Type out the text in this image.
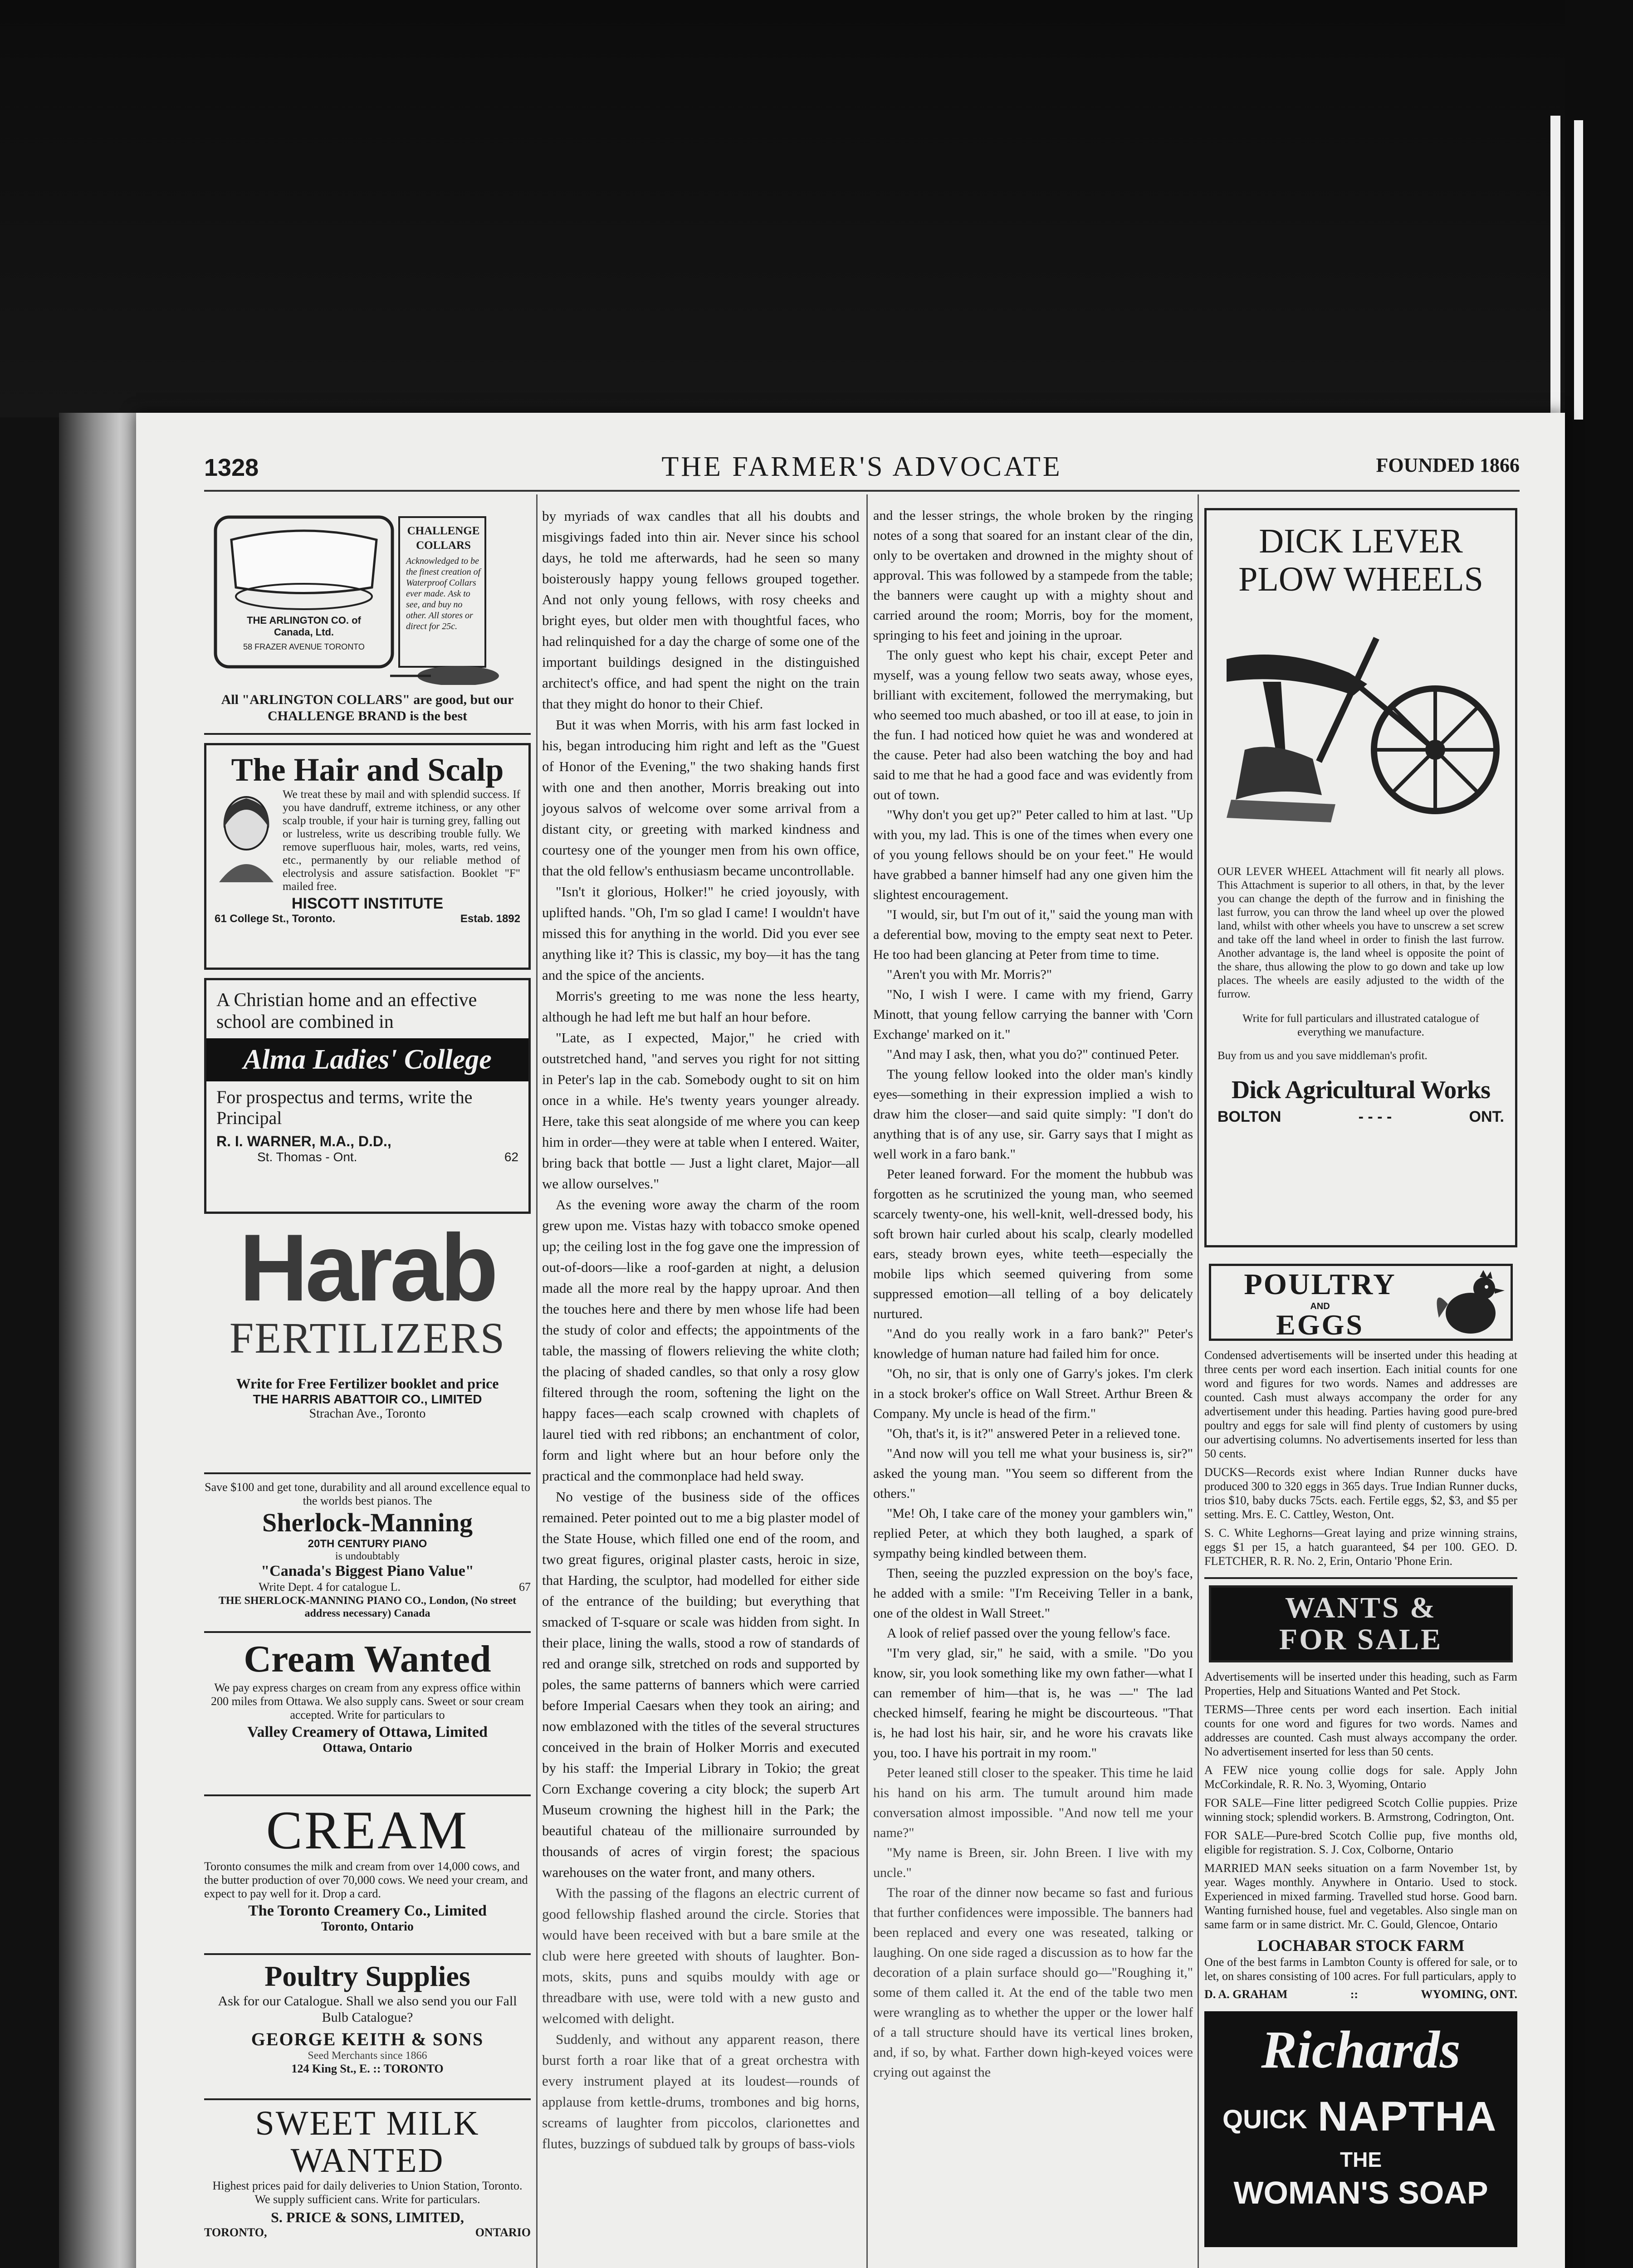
1328	THE FARMER'S ADVOCATE	FOUNDED 1866
CHALLENGE COLLARS
Acknowledged to be the finest creation of Waterproof Collars ever made. Ask to see, and buy no other. All stores or direct for 25c.
THE ARLINGTON CO. of Canada, Ltd.
58 FRAZER AVENUE TORONTO
All "ARLINGTON COLLARS" are good, but our CHALLENGE BRAND is the best
The Hair and Scalp
We treat these by mail and with splendid success. If you have dandruff, extreme itchiness, or any other scalp trouble, if your hair is turning grey, falling out or lustreless, write us describing trouble fully. We remove superfluous hair, moles, warts, red veins, etc., permanently by our reliable method of electrolysis and assure satisfaction. Booklet "F" mailed free.
HISCOTT INSTITUTE
61 College St., Toronto.	Estab. 1892
A Christian home and an effective school are combined in
Alma Ladies' College
For prospectus and terms, write the Principal
R. I. WARNER, M.A., D.D.,
St. Thomas - Ont.	62
Harab
FERTILIZERS
Write for Free Fertilizer booklet and price
THE HARRIS ABATTOIR CO., LIMITED
Strachan Ave., Toronto
Save $100 and get tone, durability and all around excellence equal to the worlds best pianos. The
Sherlock-Manning
20TH CENTURY PIANO
is undoubtably
"Canada's Biggest Piano Value"
Write Dept. 4 for catalogue L.	67
THE SHERLOCK-MANNING PIANO CO., London, (No street address necessary) Canada
Cream Wanted
We pay express charges on cream from any express office within 200 miles from Ottawa. We also supply cans. Sweet or sour cream accepted. Write for particulars to
Valley Creamery of Ottawa, Limited
Ottawa, Ontario
CREAM
Toronto consumes the milk and cream from over 14,000 cows, and the butter production of over 70,000 cows. We need your cream, and expect to pay well for it. Drop a card.
The Toronto Creamery Co., Limited
Toronto, Ontario
Poultry Supplies
Ask for our Catalogue. Shall we also send you our Fall Bulb Catalogue?
GEORGE KEITH & SONS
Seed Merchants since 1866
124 King St., E. :: TORONTO
SWEET MILK
WANTED
Highest prices paid for daily deliveries to Union Station, Toronto. We supply sufficient cans. Write for particulars.
S. PRICE & SONS, LIMITED,
TORONTO,	ONTARIO

by myriads of wax candles that all his doubts and misgivings faded into thin air. Never since his school days, he told me afterwards, had he seen so many boisterously happy young fellows grouped together. And not only young fellows, with rosy cheeks and bright eyes, but older men with thoughtful faces, who had relinquished for a day the charge of some one of the important buildings designed in the distinguished architect's office, and had spent the night on the train that they might do honor to their Chief.

But it was when Morris, with his arm fast locked in his, began introducing him right and left as the "Guest of Honor of the Evening," the two shaking hands first with one and then another, Morris breaking out into joyous salvos of welcome over some arrival from a distant city, or greeting with marked kindness and courtesy one of the younger men from his own office, that the old fellow's enthusiasm became uncontrollable.

"Isn't it glorious, Holker!" he cried joyously, with uplifted hands. "Oh, I'm so glad I came! I wouldn't have missed this for anything in the world. Did you ever see anything like it? This is classic, my boy—it has the tang and the spice of the ancients.

Morris's greeting to me was none the less hearty, although he had left me but half an hour before.

"Late, as I expected, Major," he cried with outstretched hand, "and serves you right for not sitting in Peter's lap in the cab. Somebody ought to sit on him once in a while. He's twenty years younger already. Here, take this seat alongside of me where you can keep him in order—they were at table when I entered. Waiter, bring back that bottle — Just a light claret, Major—all we allow ourselves."

As the evening wore away the charm of the room grew upon me. Vistas hazy with tobacco smoke opened up; the ceiling lost in the fog gave one the impression of out-of-doors—like a roof-garden at night, a delusion made all the more real by the happy uproar. And then the touches here and there by men whose life had been the study of color and effects; the appointments of the table, the massing of flowers relieving the white cloth; the placing of shaded candles, so that only a rosy glow filtered through the room, softening the light on the happy faces—each scalp crowned with chaplets of laurel tied with red ribbons; an enchantment of color, form and light where but an hour before only the practical and the commonplace had held sway.

No vestige of the business side of the offices remained. Peter pointed out to me a big plaster model of the State House, which filled one end of the room, and two great figures, original plaster casts, heroic in size, that Harding, the sculptor, had modelled for either side of the entrance of the building; but everything that smacked of T-square or scale was hidden from sight. In their place, lining the walls, stood a row of standards of red and orange silk, stretched on rods and supported by poles, the same patterns of banners which were carried before Imperial Caesars when they took an airing; and now emblazoned with the titles of the several structures conceived in the brain of Holker Morris and executed by his staff: the Imperial Library in Tokio; the great Corn Exchange covering a city block; the superb Art Museum crowning the highest hill in the Park; the beautiful chateau of the millionaire surrounded by thousands of acres of virgin forest; the spacious warehouses on the water front, and many others.

With the passing of the flagons an electric current of good fellowship flashed around the circle. Stories that would have been received with but a bare smile at the club were here greeted with shouts of laughter. Bon-mots, skits, puns and squibs mouldy with age or threadbare with use, were told with a new gusto and welcomed with delight.

Suddenly, and without any apparent reason, there burst forth a roar like that of a great orchestra with every instrument played at its loudest—rounds of applause from kettle-drums, trombones and big horns, screams of laughter from piccolos, clarionettes and flutes, buzzings of subdued talk by groups of bass-viols

and the lesser strings, the whole broken by the ringing notes of a song that soared for an instant clear of the din, only to be overtaken and drowned in the mighty shout of approval. This was followed by a stampede from the table; the banners were caught up with a mighty shout and carried around the room; Morris, boy for the moment, springing to his feet and joining in the uproar.

The only guest who kept his chair, except Peter and myself, was a young fellow two seats away, whose eyes, brilliant with excitement, followed the merrymaking, but who seemed too much abashed, or too ill at ease, to join in the fun. I had noticed how quiet he was and wondered at the cause. Peter had also been watching the boy and had said to me that he had a good face and was evidently from out of town.

"Why don't you get up?" Peter called to him at last. "Up with you, my lad. This is one of the times when every one of you young fellows should be on your feet." He would have grabbed a banner himself had any one given him the slightest encouragement.

"I would, sir, but I'm out of it," said the young man with a deferential bow, moving to the empty seat next to Peter. He too had been glancing at Peter from time to time.

"Aren't you with Mr. Morris?"

"No, I wish I were. I came with my friend, Garry Minott, that young fellow carrying the banner with 'Corn Exchange' marked on it."

"And may I ask, then, what you do?" continued Peter.

The young fellow looked into the older man's kindly eyes—something in their expression implied a wish to draw him the closer—and said quite simply: "I don't do anything that is of any use, sir. Garry says that I might as well work in a faro bank."

Peter leaned forward. For the moment the hubbub was forgotten as he scrutinized the young man, who seemed scarcely twenty-one, his well-knit, well-dressed body, his soft brown hair curled about his scalp, clearly modelled ears, steady brown eyes, white teeth—especially the mobile lips which seemed quivering from some suppressed emotion—all telling of a boy delicately nurtured.

"And do you really work in a faro bank?" Peter's knowledge of human nature had failed him for once.

"Oh, no sir, that is only one of Garry's jokes. I'm clerk in a stock broker's office on Wall Street. Arthur Breen & Company. My uncle is head of the firm."

"Oh, that's it, is it?" answered Peter in a relieved tone.

"And now will you tell me what your business is, sir?" asked the young man. "You seem so different from the others."

"Me! Oh, I take care of the money your gamblers win," replied Peter, at which they both laughed, a spark of sympathy being kindled between them.

Then, seeing the puzzled expression on the boy's face, he added with a smile: "I'm Receiving Teller in a bank, one of the oldest in Wall Street."

A look of relief passed over the young fellow's face.

"I'm very glad, sir," he said, with a smile. "Do you know, sir, you look something like my own father—what I can remember of him—that is, he was —" The lad checked himself, fearing he might be discourteous. "That is, he had lost his hair, sir, and he wore his cravats like you, too. I have his portrait in my room."

Peter leaned still closer to the speaker. This time he laid his hand on his arm. The tumult around him made conversation almost impossible. "And now tell me your name?"

"My name is Breen, sir. John Breen. I live with my uncle."

The roar of the dinner now became so fast and furious that further confidences were impossible. The banners had been replaced and every one was reseated, talking or laughing. On one side raged a discussion as to how far the decoration of a plain surface should go—"Roughing it," some of them called it. At the end of the table two men were wrangling as to whether the upper or the lower half of a tall structure should have its vertical lines broken, and, if so, by what. Farther down high-keyed voices were crying out against the

DICK LEVER
PLOW WHEELS
OUR LEVER WHEEL Attachment will fit nearly all plows. This Attachment is superior to all others, in that, by the lever you can change the depth of the furrow and in finishing the last furrow, you can throw the land wheel up over the plowed land, whilst with other wheels you have to unscrew a set screw and take off the land wheel in order to finish the last furrow. Another advantage is, the land wheel is opposite the point of the share, thus allowing the plow to go down and take up low places. The wheels are easily adjusted to the width of the furrow.
Write for full particulars and illustrated catalogue of everything we manufacture.
Buy from us and you save middleman's profit.
Dick Agricultural Works
BOLTON	- - - -	ONT.
POULTRY
AND
EGGS

Condensed advertisements will be inserted under this heading at three cents per word each insertion. Each initial counts for one word and figures for two words. Names and addresses are counted. Cash must always accompany the order for any advertisement under this heading. Parties having good pure-bred poultry and eggs for sale will find plenty of customers by using our advertising columns. No advertisements inserted for less than 50 cents.

DUCKS—Records exist where Indian Runner ducks have produced 300 to 320 eggs in 365 days. True Indian Runner ducks, trios $10, baby ducks 75cts. each. Fertile eggs, $2, $3, and $5 per setting. Mrs. E. C. Cattley, Weston, Ont.

S. C. White Leghorns—Great laying and prize winning strains, eggs $1 per 15, a hatch guaranteed, $4 per 100. GEO. D. FLETCHER, R. R. No. 2, Erin, Ontario 'Phone Erin.

WANTS &
FOR SALE

Advertisements will be inserted under this heading, such as Farm Properties, Help and Situations Wanted and Pet Stock.

TERMS—Three cents per word each insertion. Each initial counts for one word and figures for two words. Names and addresses are counted. Cash must always accompany the order. No advertisement inserted for less than 50 cents.

A FEW nice young collie dogs for sale. Apply John McCorkindale, R. R. No. 3, Wyoming, Ontario

FOR SALE—Fine litter pedigreed Scotch Collie puppies. Prize winning stock; splendid workers. B. Armstrong, Codrington, Ont.

FOR SALE—Pure-bred Scotch Collie pup, five months old, eligible for registration. S. J. Cox, Colborne, Ontario

MARRIED MAN seeks situation on a farm November 1st, by year. Wages monthly. Anywhere in Ontario. Used to stock. Experienced in mixed farming. Travelled stud horse. Good barn. Wanting furnished house, fuel and vegetables. Also single man on same farm or in same district. Mr. C. Gould, Glencoe, Ontario

LOCHABAR STOCK FARM

One of the best farms in Lambton County is offered for sale, or to let, on shares consisting of 100 acres. For full particulars, apply to

D. A. GRAHAM	::	WYOMING, ONT.
Richards
QUICK NAPTHA
THE
WOMAN'S SOAP
